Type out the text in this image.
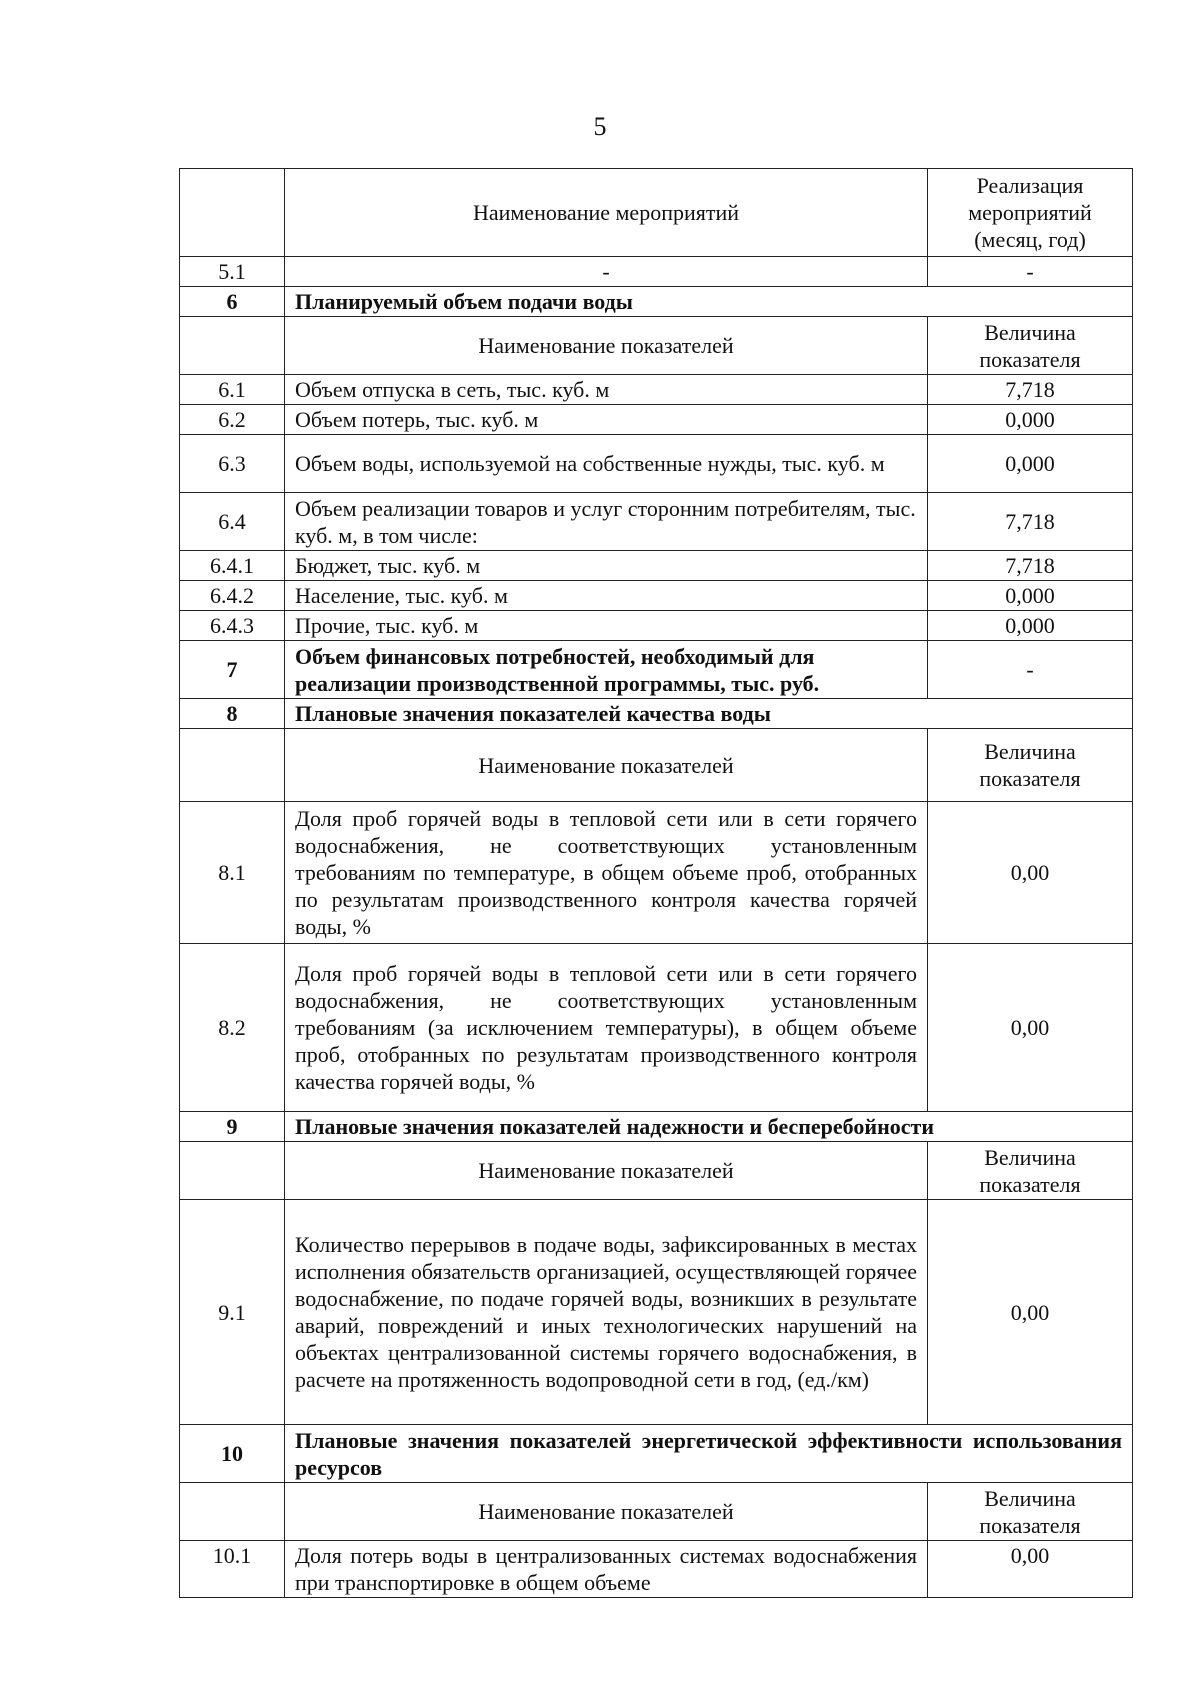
5
	Наименование мероприятий	Реализация мероприятий (месяц, год)
5.1	-	-
6	Планируемый объем подачи воды	
	Наименование показателей	Величина показателя
6.1	Объем отпуска в сеть, тыс. куб. м	7,718
6.2	Объем потерь, тыс. куб. м	0,000
6.3	Объем воды, используемой на собственные нужды, тыс. куб. м	0,000
6.4	Объем реализации товаров и услуг сторонним потребителям, тыс. куб. м, в том числе:	7,718
6.4.1	Бюджет, тыс. куб. м	7,718
6.4.2	Население, тыс. куб. м	0,000
6.4.3	Прочие, тыс. куб. м	0,000
7	Объем финансовых потребностей, необходимый для реализации производственной программы, тыс. руб.	-
8	Плановые значения показателей качества воды	
	Наименование показателей	Величина показателя
8.1	Доля проб горячей воды в тепловой сети или в сети горячего водоснабжения, не соответствующих установленным требованиям по температуре, в общем объеме проб, отобранных по результатам производственного контроля качества горячей воды, %	0,00
8.2	Доля проб горячей воды в тепловой сети или в сети горячего водоснабжения, не соответствующих установленным требованиям (за исключением температуры), в общем объеме проб, отобранных по результатам производственного контроля качества горячей воды, %	0,00
9	Плановые значения показателей надежности и бесперебойности	
	Наименование показателей	Величина показателя
9.1	Количество перерывов в подаче воды, зафиксированных в местах исполнения обязательств организацией, осуществляющей горячее водоснабжение, по подаче горячей воды, возникших в результате аварий, повреждений и иных технологических нарушений на объектах централизованной системы горячего водоснабжения, в расчете на протяженность водопроводной сети в год, (ед./км)	0,00
10	Плановые значения показателей энергетической эффективности использования ресурсов	
	Наименование показателей	Величина показателя
10.1	Доля потерь воды в централизованных системах водоснабжения при транспортировке в общем объеме	0,00
